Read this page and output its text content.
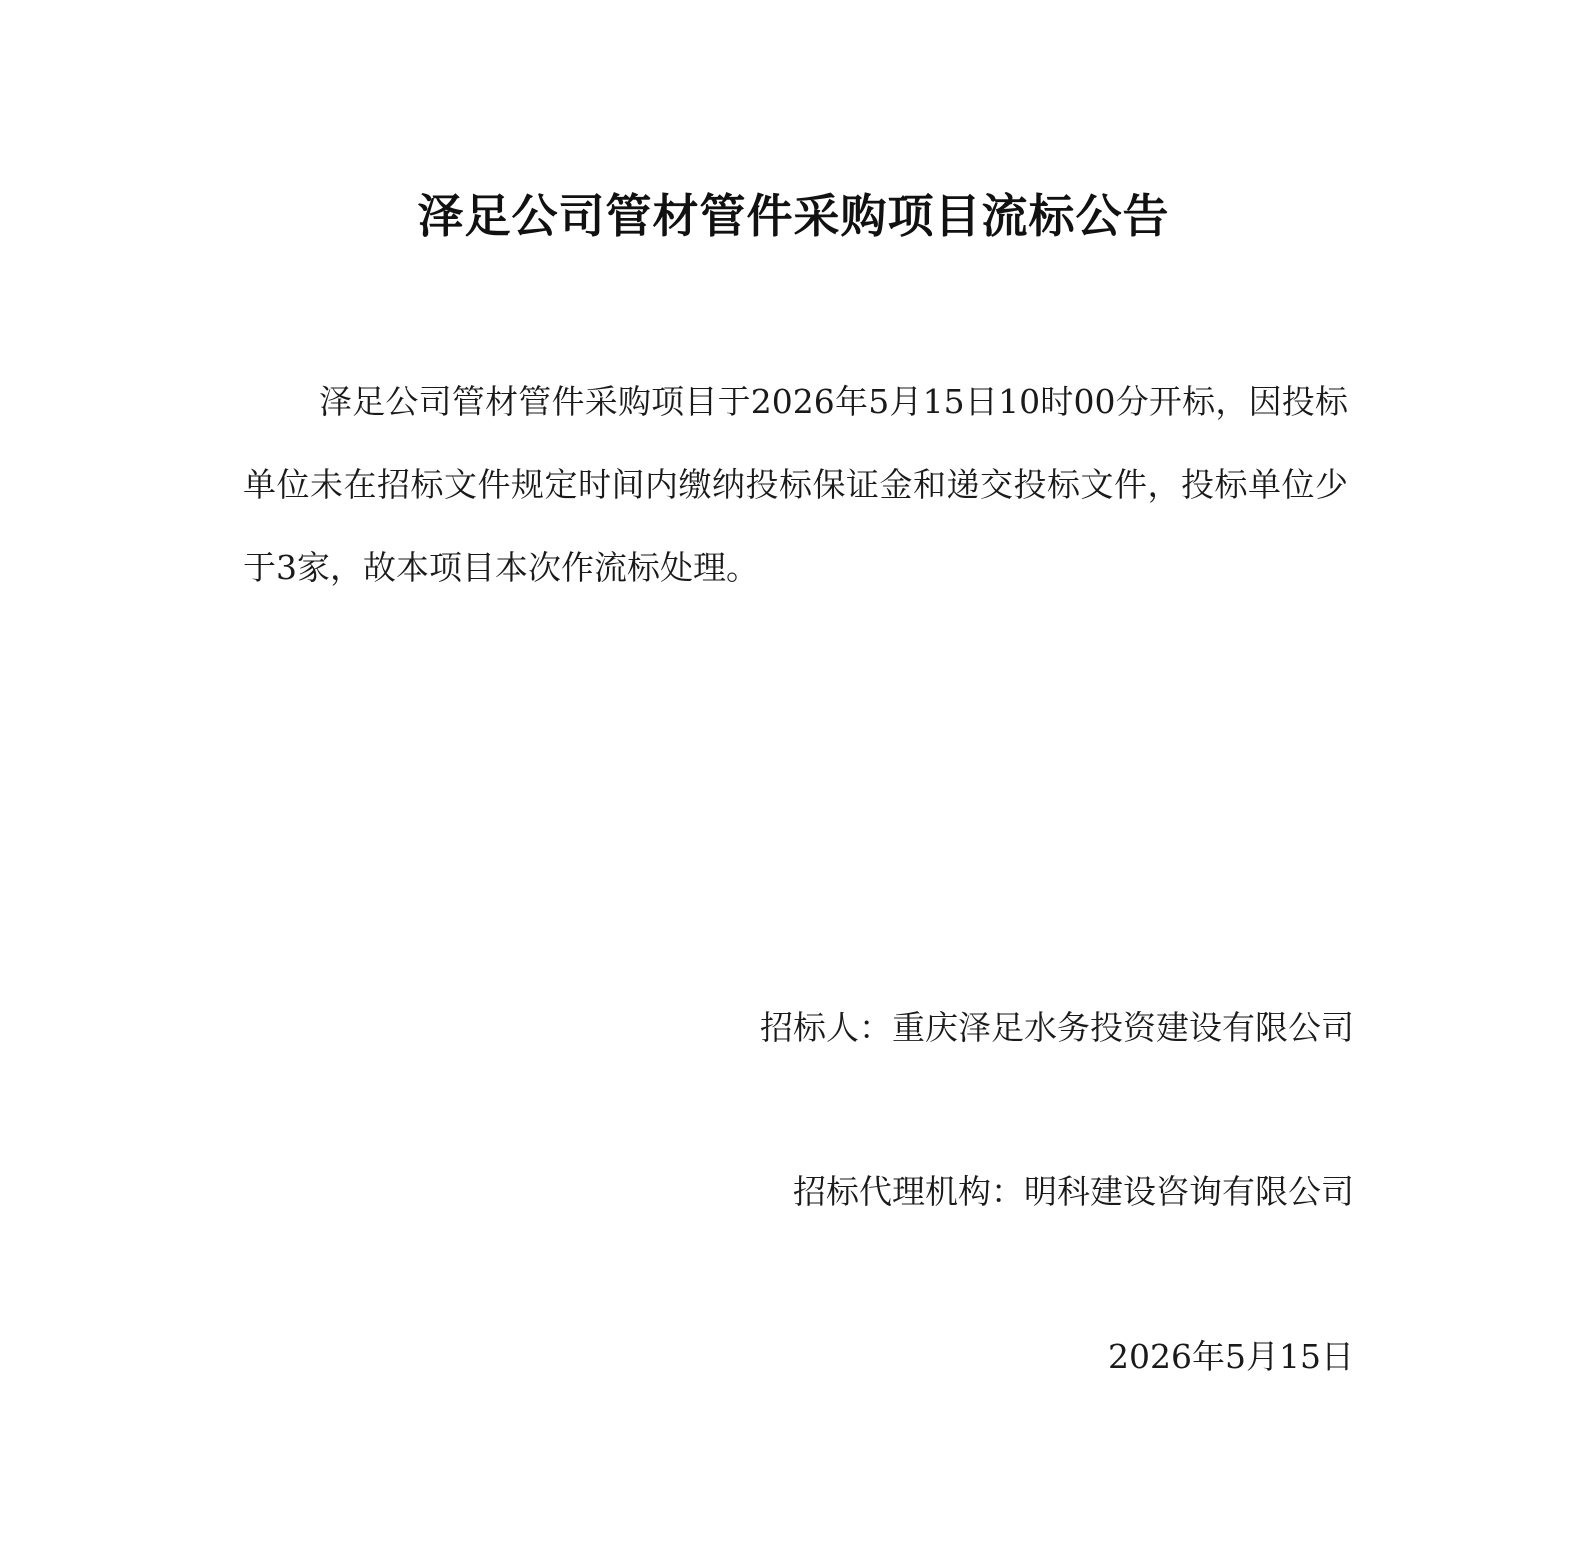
泽足公司管材管件采购项目流标公告

泽足公司管材管件采购项目于2026年5月15日10时00分开标，因投标单位未在招标文件规定时间内缴纳投标保证金和递交投标文件，投标单位少于3家，故本项目本次作流标处理。

招标人：重庆泽足水务投资建设有限公司
招标代理机构：明科建设咨询有限公司
2026年5月15日
